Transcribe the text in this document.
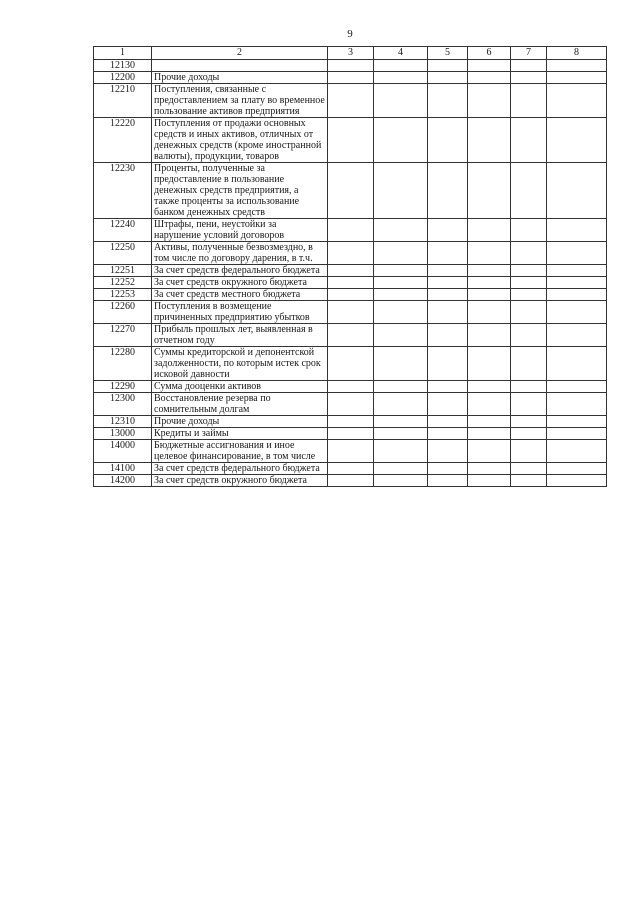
9
1	2	3	4	5	6	7	8
12130							
12200	Прочие доходы						
12210	Поступления, связанные с предоставлением за плату во временное пользование активов предприятия						
12220	Поступления от продажи основных средств и иных активов, отличных от денежных средств (кроме иностранной валюты), продукции, товаров						
12230	Проценты, полученные за предоставление в пользование денежных средств предприятия, а также проценты за использование банком денежных средств						
12240	Штрафы, пени, неустойки за нарушение условий договоров						
12250	Активы, полученные безвозмездно, в том числе по договору дарения, в т.ч.						
12251	За счет средств федерального бюджета						
12252	За счет средств окружного бюджета						
12253	За счет средств местного бюджета						
12260	Поступления в возмещение причиненных предприятию убытков						
12270	Прибыль прошлых лет, выявленная в отчетном году						
12280	Суммы кредиторской и депонентской задолженности, по которым истек срок исковой давности						
12290	Сумма дооценки активов						
12300	Восстановление резерва по сомнительным долгам						
12310	Прочие доходы						
13000	Кредиты и займы						
14000	Бюджетные ассигнования и иное целевое финансирование, в том числе						
14100	За счет средств федерального бюджета						
14200	За счет средств окружного бюджета						
